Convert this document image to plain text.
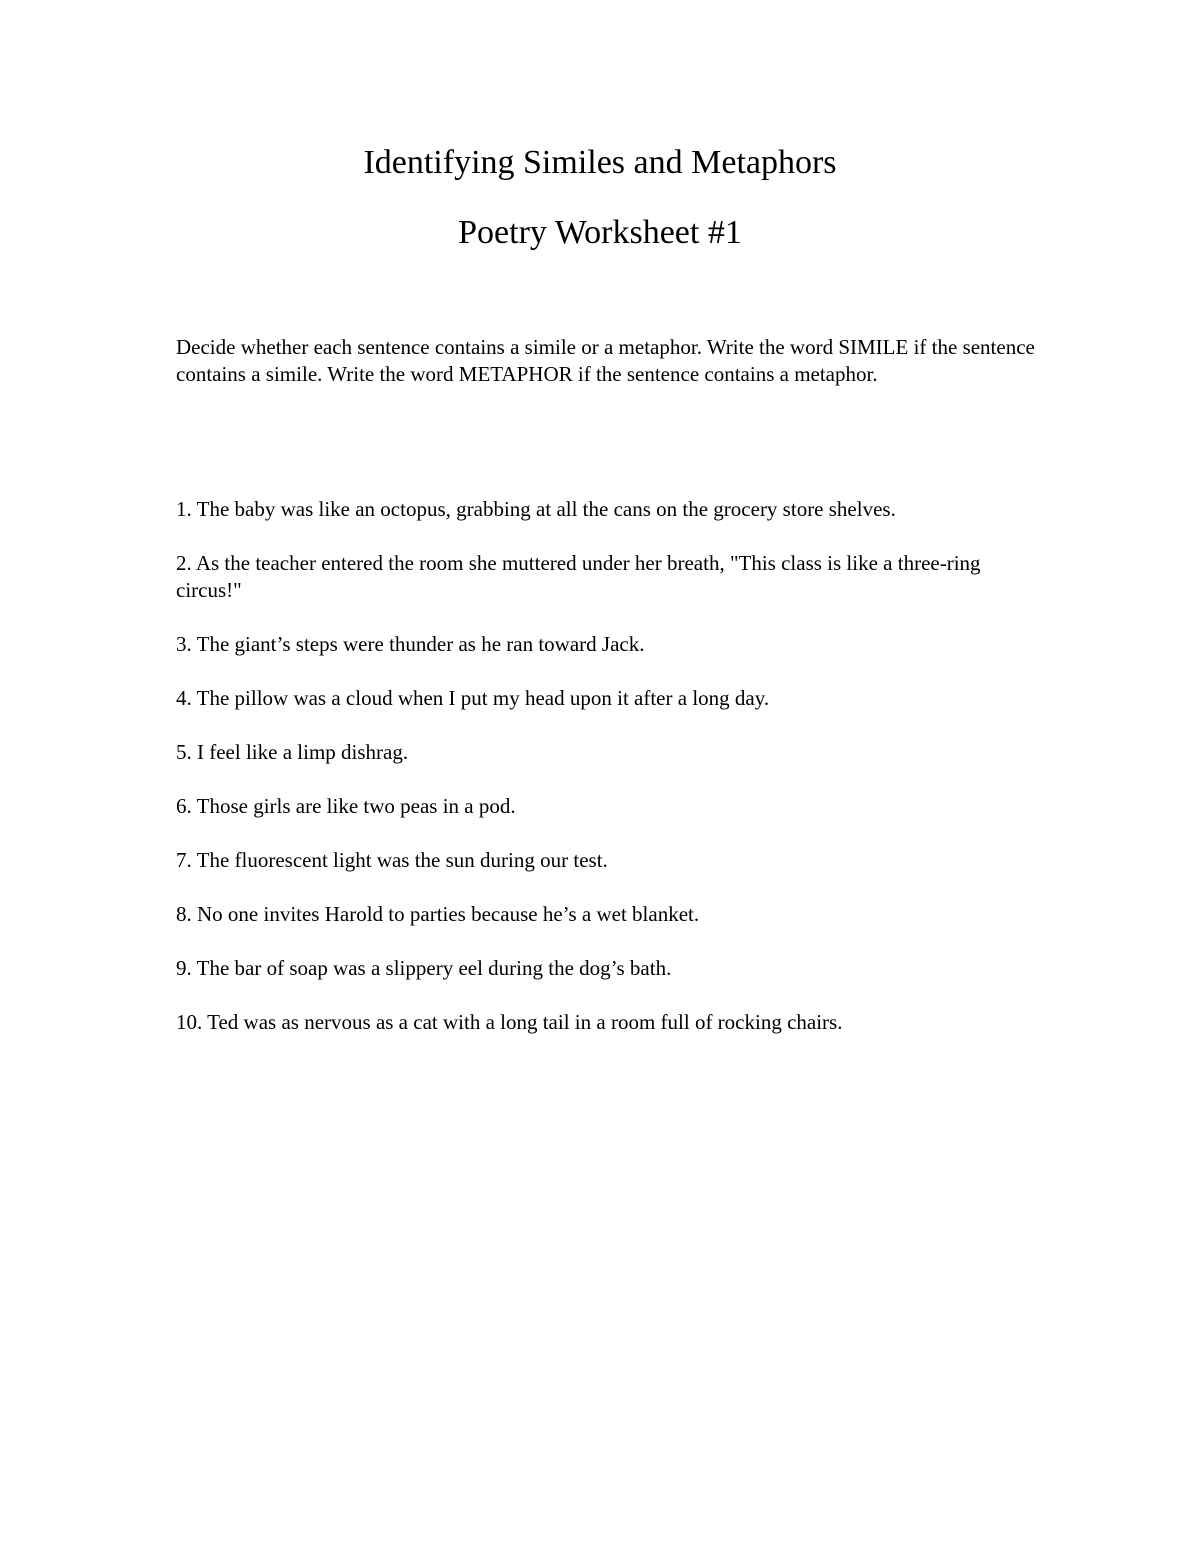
Identifying Similes and Metaphors
Poetry Worksheet #1

Decide whether each sentence contains a simile or a metaphor. Write the word SIMILE if the sentence contains a simile. Write the word METAPHOR if the sentence contains a metaphor.

1. The baby was like an octopus, grabbing at all the cans on the grocery store shelves.
2. As the teacher entered the room she muttered under her breath, "This class is like a three-ring circus!"
3. The giant’s steps were thunder as he ran toward Jack.
4. The pillow was a cloud when I put my head upon it after a long day.
5. I feel like a limp dishrag.
6. Those girls are like two peas in a pod.
7. The fluorescent light was the sun during our test.
8. No one invites Harold to parties because he’s a wet blanket.
9. The bar of soap was a slippery eel during the dog’s bath.
10. Ted was as nervous as a cat with a long tail in a room full of rocking chairs.
